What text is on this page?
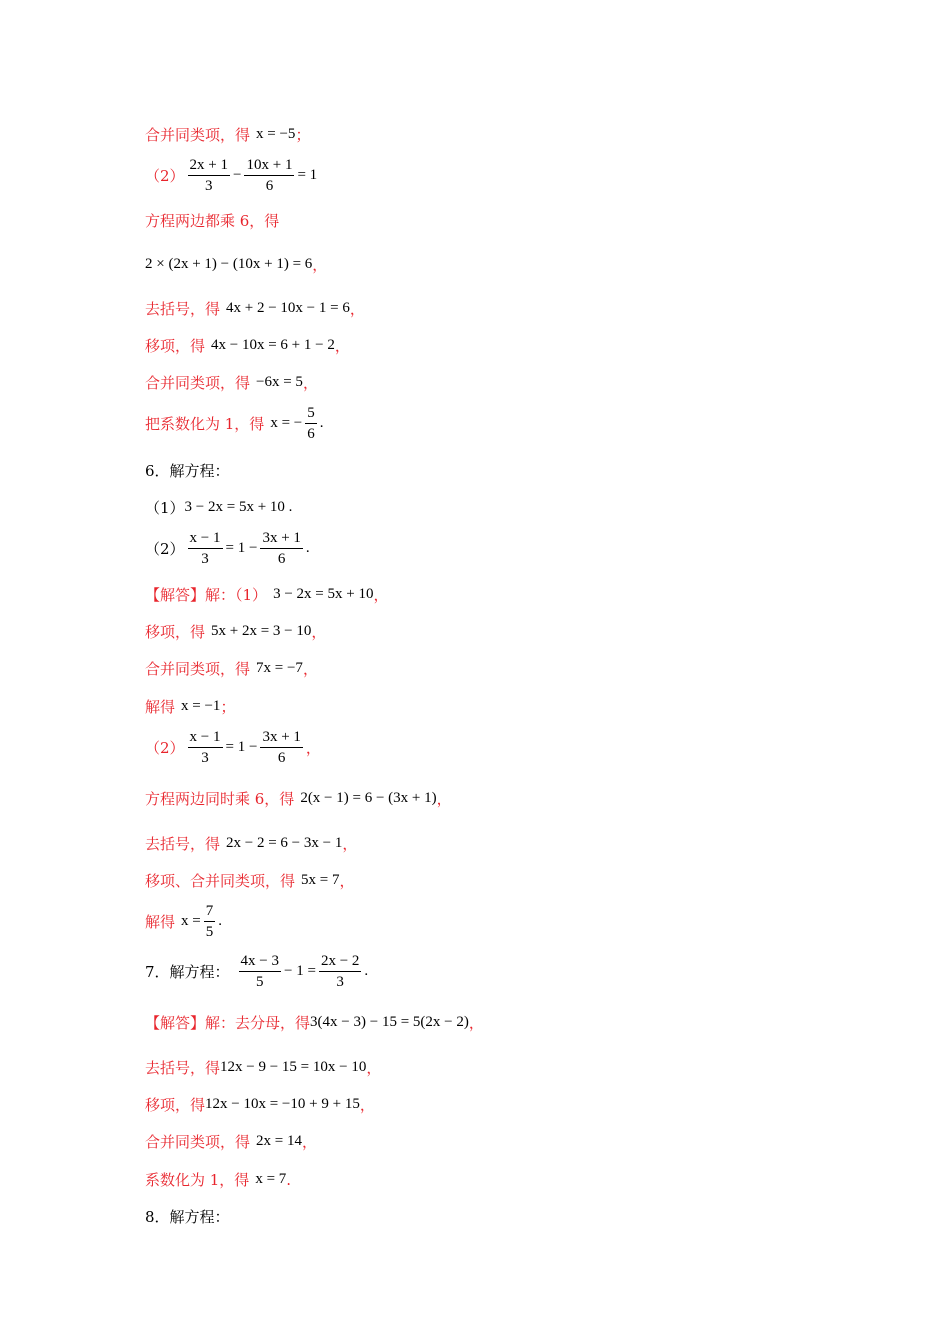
合并同类项，得 x = −5 ；
$(2) \frac{2x + 1}{3} - \frac{10x + 1}{6} = 1$
方程两边都乘 6，得
2 × (2x + 1) − (10x + 1) = 6 ，
去括号，得 4x + 2 − 10x − 1 = 6 ，
移项，得 4x − 10x = 6 + 1 − 2 ，
合并同类项，得 −6x = 5 ，
把系数化为 1，得 x = − $\frac{5}{6}$ .
6．解方程：
（1） 3 − 2x = 5x + 10 .
$(2) \frac{x - 1}{3} = 1 - \frac{3x + 1}{6}$ .
【解答】 解：（1） 3 − 2x = 5x + 10 ，
移项，得 5x + 2x = 3 − 10 ，
合并同类项，得 7x = −7 ，
解得 x = −1 ；
$(2) \frac{x - 1}{3} = 1 - \frac{3x + 1}{6}$ ，
方程两边同时乘 6，得 2(x − 1) = 6 − (3x + 1) ，
去括号，得 2x − 2 = 6 − 3x − 1 ，
移项、合并同类项，得 5x = 7 ，
解得 $x = \frac{7}{5}$ .
7．解方程： $\frac{4x - 3}{5} - 1 = \frac{2x - 2}{3}$ .
【解答】 解：去分母，得 3(4x − 3) − 15 = 5(2x − 2) ，
去括号，得 12x − 9 − 15 = 10x − 10 ，
移项，得 12x − 10x = −10 + 9 + 15 ，
合并同类项，得 2x = 14 ，
系数化为 1，得 x = 7 .
8．解方程：
